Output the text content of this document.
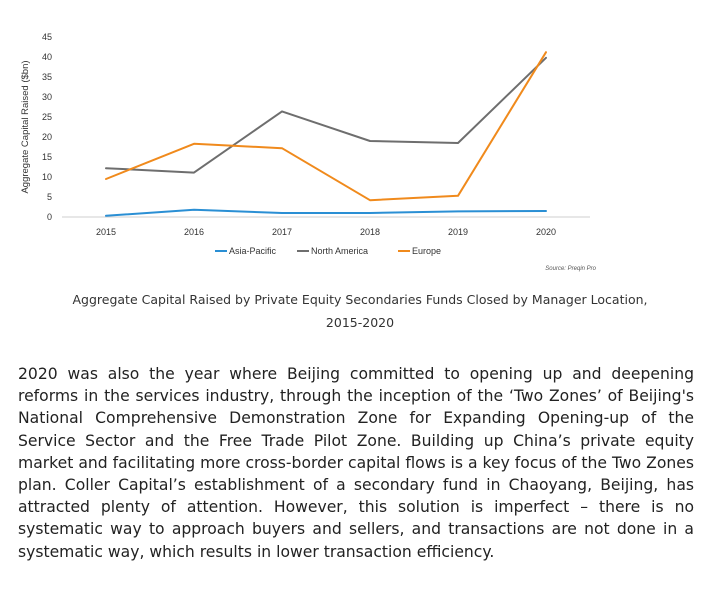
Aggregate Capital Raised ($bn)
0
5
10
15
20
25
30
35
40
45
2015	2016	2017	2018	2019	2020
Asia-Pacific	North America	Europe
Source: Preqin Pro
Aggregate Capital Raised by Private Equity Secondaries Funds Closed by Manager Location,
2015-2020

2020 was also the year where Beijing committed to opening up and deepening reforms in the services industry, through the inception of the ‘Two Zones’ of Beijing's National Comprehensive Demonstration Zone for Expanding Opening-up of the Service Sector and the Free Trade Pilot Zone. Building up China’s private equity market and facilitating more cross-border capital flows is a key focus of the Two Zones plan. Coller Capital’s establishment of a secondary fund in Chaoyang, Beijing, has attracted plenty of attention. However, this solution is imperfect – there is no systematic way to approach buyers and sellers, and transactions are not done in a systematic way, which results in lower transaction efficiency.
